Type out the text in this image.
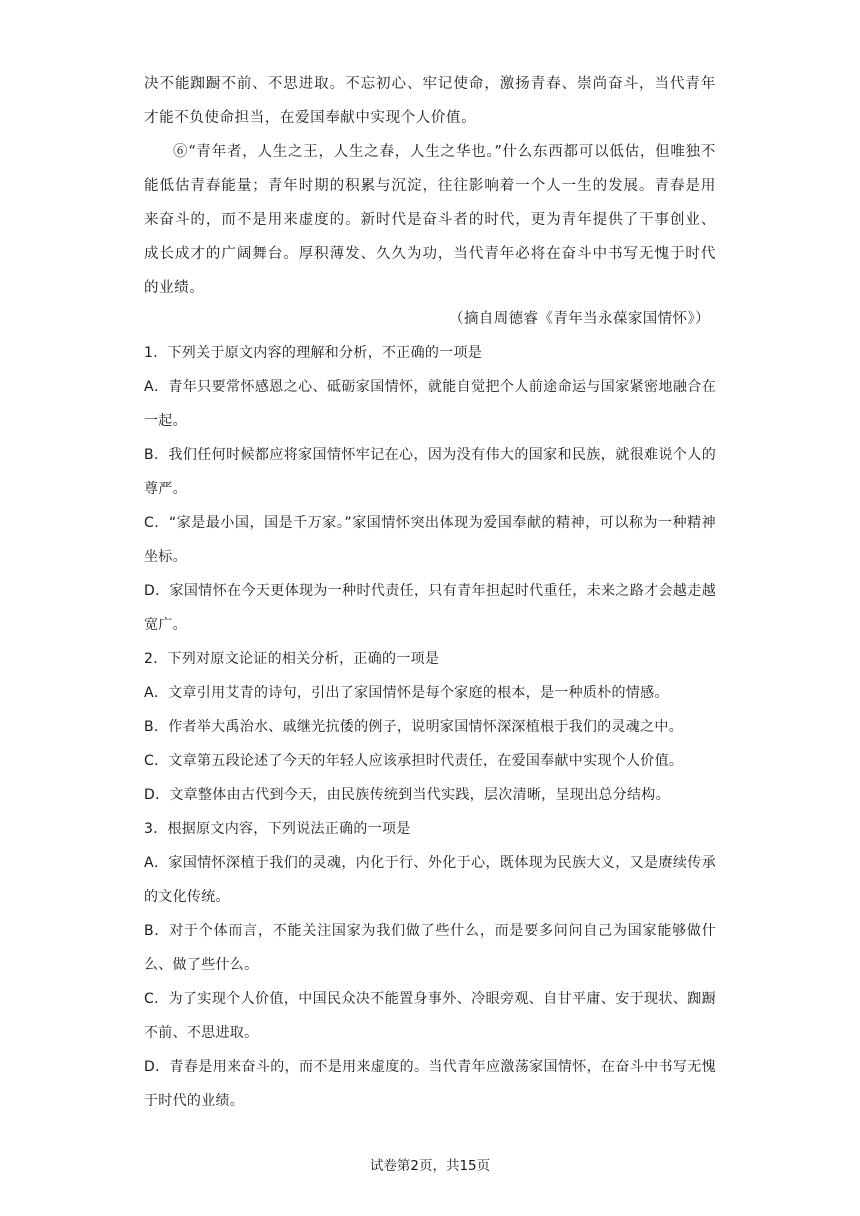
决不能踟蹰不前、不思进取。不忘初心、牢记使命，激扬青春、崇尚奋斗，当代青年才能不负使命担当，在爱国奉献中实现个人价值。

⑥“青年者，人生之王，人生之春，人生之华也。”什么东西都可以低估，但唯独不能低估青春能量；青年时期的积累与沉淀，往往影响着一个人一生的发展。青春是用来奋斗的，而不是用来虚度的。新时代是奋斗者的时代，更为青年提供了干事创业、成长成才的广阔舞台。厚积薄发、久久为功，当代青年必将在奋斗中书写无愧于时代的业绩。

（摘自周德睿《青年当永葆家国情怀》）

1．下列关于原文内容的理解和分析，不正确的一项是

A．青年只要常怀感恩之心、砥砺家国情怀，就能自觉把个人前途命运与国家紧密地融合在一起。

B．我们任何时候都应将家国情怀牢记在心，因为没有伟大的国家和民族，就很难说个人的尊严。

C．“家是最小国，国是千万家。”家国情怀突出体现为爱国奉献的精神，可以称为一种精神坐标。

D．家国情怀在今天更体现为一种时代责任，只有青年担起时代重任，未来之路才会越走越宽广。

2．下列对原文论证的相关分析，正确的一项是

A．文章引用艾青的诗句，引出了家国情怀是每个家庭的根本，是一种质朴的情感。

B．作者举大禹治水、戚继光抗倭的例子，说明家国情怀深深植根于我们的灵魂之中。

C．文章第五段论述了今天的年轻人应该承担时代责任，在爱国奉献中实现个人价值。

D．文章整体由古代到今天，由民族传统到当代实践，层次清晰，呈现出总分结构。

3．根据原文内容，下列说法正确的一项是

A．家国情怀深植于我们的灵魂，内化于行、外化于心，既体现为民族大义，又是赓续传承的文化传统。

B．对于个体而言，不能关注国家为我们做了些什么，而是要多问问自己为国家能够做什么、做了些什么。

C．为了实现个人价值，中国民众决不能置身事外、冷眼旁观、自甘平庸、安于现状、踟蹰不前、不思进取。

D．青春是用来奋斗的，而不是用来虚度的。当代青年应激荡家国情怀，在奋斗中书写无愧于时代的业绩。

试卷第2页，共15页
